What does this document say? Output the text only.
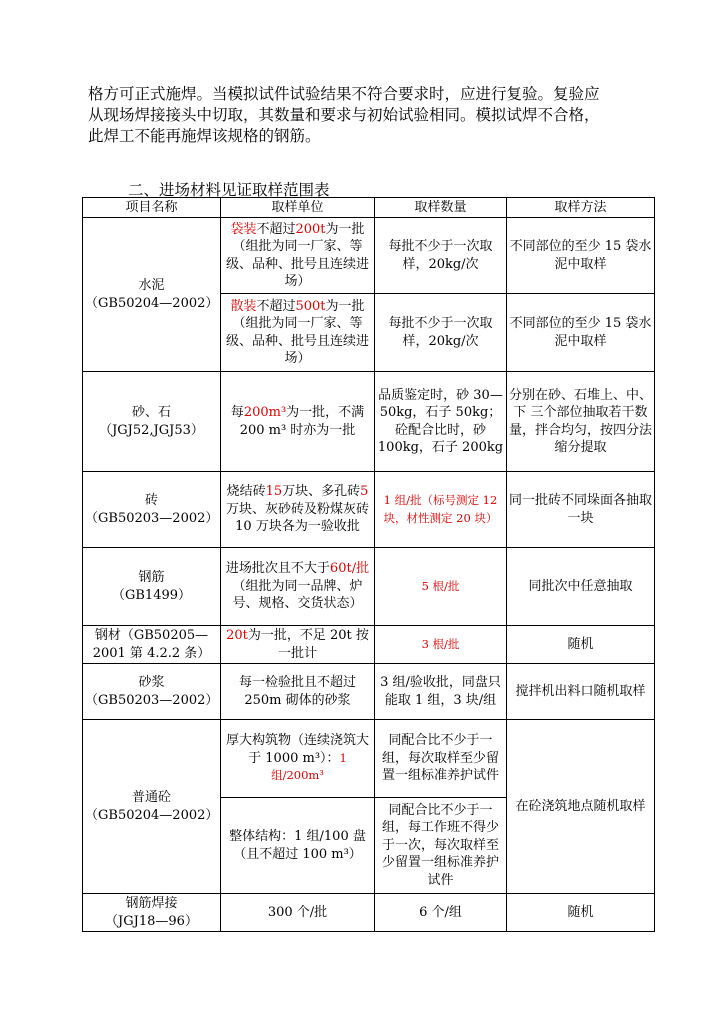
格方可正式施焊。当模拟试件试验结果不符合要求时，应进行复验。复验应
从现场焊接接头中切取，其数量和要求与初始试验相同。模拟试焊不合格，
此焊工不能再施焊该规格的钢筋。
二、进场材料见证取样范围表
项目名称	取样单位	取样数量	取样方法

水泥
（GB50204—2002）	袋装不超过200t为一批（组批为同一厂家、等级、品种、批号且连续进场）	每批不少于一次取样，20kg/次	不同部位的至少 15 袋水泥中取样
	散装不超过500t为一批（组批为同一厂家、等级、品种、批号且连续进场）	每批不少于一次取样，20kg/次	不同部位的至少 15 袋水泥中取样

砂、石
（JGJ52,JGJ53）	每200m³为一批，不满 200 m³ 时亦为一批	品质鉴定时，砂 30—50kg，石子 50kg；砼配合比时，砂 100kg，石子 200kg	分别在砂、石堆上、中、下 三个部位抽取若干数量，拌合均匀，按四分法缩分提取

砖
（GB50203—2002）	烧结砖15万块、多孔砖5万块、灰砂砖及粉煤灰砖 10 万块各为一验收批	1 组/批（标号测定 12 块，材性测定 20 块）	同一批砖不同垛面各抽取一块

钢筋
（GB1499）	进场批次且不大于60t/批（组批为同一品牌、炉号、规格、交货状态）	5 根/批	同批次中任意抽取
钢材（GB50205—2001 第 4.2.2 条）	20t为一批，不足 20t 按一批计	3 根/批	随机

砂浆
（GB50203—2002）	每一检验批且不超过 250m 砌体的砂浆	3 组/验收批，同盘只能取 1 组，3 块/组	搅拌机出料口随机取样

普通砼
（GB50204—2002）	厚大构筑物（连续浇筑大于 1000 m³）：1 组/200m³	同配合比不少于一组，每次取样至少留置一组标准养护试件	在砼浇筑地点随机取样
	整体结构：1 组/100 盘（且不超过 100 m³）	同配合比不少于一组，每工作班不得少于一次，每次取样至少留置一组标准养护试件	

钢筋焊接
（JGJ18—96）	300 个/批	6 个/组	随机
